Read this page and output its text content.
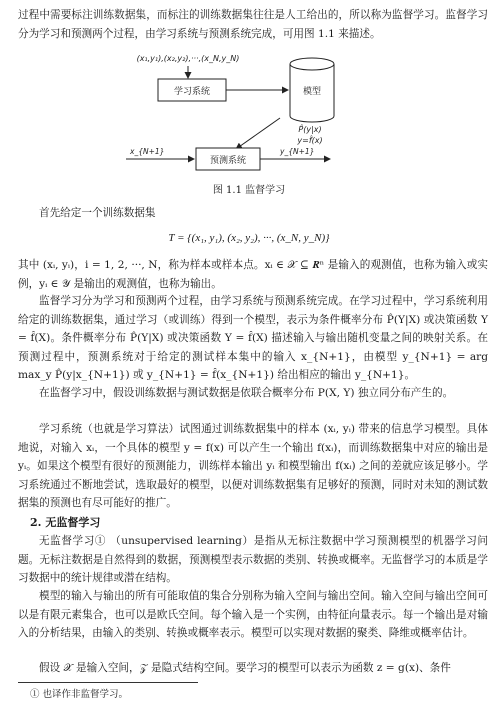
过程中需要标注训练数据集，而标注的训练数据集往往是人工给出的，所以称为监督学习。监督学习分为学习和预测两个过程，由学习系统与预测系统完成，可用图 1.1 来描述。

(x₁,y₁),(x₂,y₂),···,(x_N,y_N)
学习系统	模型
P̂(y|x)
y=f̂(x)
x_{N+1}
预测系统
y_{N+1}
图 1.1 监督学习

首先给定一个训练数据集

T = {(x₁, y₁), (x₂, y₂), ···, (x_N, y_N)}

其中 (xᵢ, yᵢ)，i = 1, 2, ···, N，称为样本或样本点。xᵢ ∈ 𝒳 ⊆ 𝑹ⁿ 是输入的观测值，也称为输入或实例，yᵢ ∈ 𝒴 是输出的观测值，也称为输出。

监督学习分为学习和预测两个过程，由学习系统与预测系统完成。在学习过程中，学习系统利用给定的训练数据集，通过学习（或训练）得到一个模型，表示为条件概率分布 P̂(Y|X) 或决策函数 Y = f̂(X)。条件概率分布 P̂(Y|X) 或决策函数 Y = f̂(X) 描述输入与输出随机变量之间的映射关系。在预测过程中，预测系统对于给定的测试样本集中的输入 x_{N+1}，由模型 y_{N+1} = arg max_y P̂(y|x_{N+1}) 或 y_{N+1} = f̂(x_{N+1}) 给出相应的输出 y_{N+1}。

在监督学习中，假设训练数据与测试数据是依联合概率分布 P(X, Y) 独立同分布产生的。

学习系统（也就是学习算法）试图通过训练数据集中的样本 (xᵢ, yᵢ) 带来的信息学习模型。具体地说，对输入 xᵢ，一个具体的模型 y = f(x) 可以产生一个输出 f(xᵢ)，而训练数据集中对应的输出是 yᵢ。如果这个模型有很好的预测能力，训练样本输出 yᵢ 和模型输出 f(xᵢ) 之间的差就应该足够小。学习系统通过不断地尝试，选取最好的模型，以便对训练数据集有足够好的预测，同时对未知的测试数据集的预测也有尽可能好的推广。

2. 无监督学习

无监督学习① （unsupervised learning）是指从无标注数据中学习预测模型的机器学习问题。无标注数据是自然得到的数据，预测模型表示数据的类别、转换或概率。无监督学习的本质是学习数据中的统计规律或潜在结构。

模型的输入与输出的所有可能取值的集合分别称为输入空间与输出空间。输入空间与输出空间可以是有限元素集合，也可以是欧氏空间。每个输入是一个实例，由特征向量表示。每一个输出是对输入的分析结果，由输入的类别、转换或概率表示。模型可以实现对数据的聚类、降维或概率估计。

假设 𝒳 是输入空间，𝒵 是隐式结构空间。要学习的模型可以表示为函数 z = g(x)、条件

① 也译作非监督学习。
